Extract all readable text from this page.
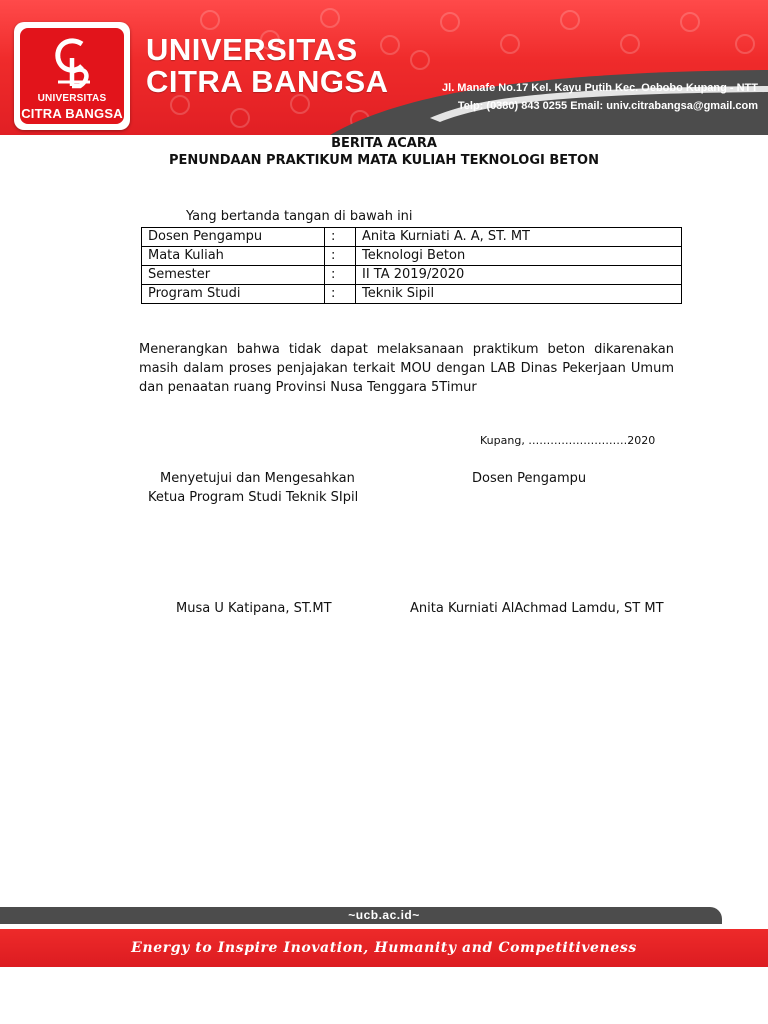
UNIVERSITAS
CITRA BANGSA
UNIVERSITAS
CITRA BANGSA	Jl. Manafe No.17 Kel. Kayu Putih Kec. Oebobo Kupang - NTT
Telp: (0380) 843 0255 Email: univ.citrabangsa@gmail.com
BERITA ACARA
PENUNDAAN PRAKTIKUM MATA KULIAH TEKNOLOGI BETON
Yang bertanda tangan di bawah ini
Dosen Pengampu	:	Anita Kurniati A. A, ST. MT
Mata Kuliah	:	Teknologi Beton
Semester	:	II TA 2019/2020
Program Studi	:	Teknik Sipil
Menerangkan bahwa tidak dapat melaksanaan praktikum beton dikarenakan masih dalam proses penjajakan terkait MOU dengan LAB Dinas Pekerjaan Umum dan penaatan ruang Provinsi Nusa Tenggara 5Timur
Kupang, ………………………2020
Menyetujui dan Mengesahkan
Ketua Program Studi Teknik SIpil
Dosen Pengampu
Musa U Katipana, ST.MT	Anita Kurniati AlAchmad Lamdu, ST MT
~ucb.ac.id~
Energy to Inspire Inovation, Humanity and Competitiveness
